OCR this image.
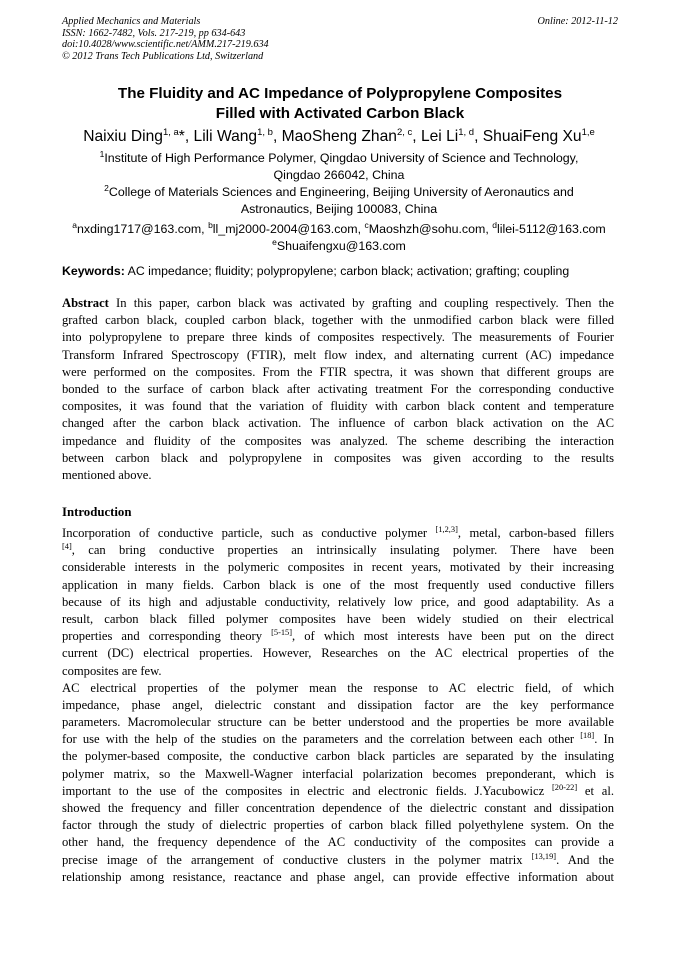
Applied Mechanics and Materials
ISSN: 1662-7482, Vols. 217-219, pp 634-643
doi:10.4028/www.scientific.net/AMM.217-219.634
© 2012 Trans Tech Publications Ltd, Switzerland
Online: 2012-11-12
The Fluidity and AC Impedance of Polypropylene Composites
Filled with Activated Carbon Black
Naixiu Ding$^{1, a}$*, Lili Wang$^{1, b}$, MaoSheng Zhan$^{2, c}$, Lei Li$^{1, d}$, ShuaiFeng Xu$^{1,e}$
$^1$Institute of High Performance Polymer, Qingdao University of Science and Technology,
Qingdao 266042, China
$^2$College of Materials Sciences and Engineering, Beijing University of Aeronautics and
Astronautics, Beijing 100083, China
$^a$nxding1717@163.com, $^b$ll_mj2000-2004@163.com, $^c$Maoshzh@sohu.com, $^d$lilei-5112@163.com
$^e$Shuaifengxu@163.com
Keywords: AC impedance; fluidity; polypropylene; carbon black; activation; grafting; coupling
Abstract In this paper, carbon black was activated by grafting and coupling respectively. Then the
grafted carbon black, coupled carbon black, together with the unmodified carbon black were filled
into polypropylene to prepare three kinds of composites respectively. The measurements of Fourier
Transform Infrared Spectroscopy (FTIR), melt flow index, and alternating current (AC) impedance
were performed on the composites. From the FTIR spectra, it was shown that different groups are
bonded to the surface of carbon black after activating treatment For the corresponding conductive
composites, it was found that the variation of fluidity with carbon black content and temperature
changed after the carbon black activation. The influence of carbon black activation on the AC
impedance and fluidity of the composites was analyzed. The scheme describing the interaction
between carbon black and polypropylene in composites was given according to the results
mentioned above.
Introduction
Incorporation of conductive particle, such as conductive polymer [1,2,3], metal, carbon-based fillers
[4], can bring conductive properties an intrinsically insulating polymer. There have been
considerable interests in the polymeric composites in recent years, motivated by their increasing
application in many fields. Carbon black is one of the most frequently used conductive fillers
because of its high and adjustable conductivity, relatively low price, and good adaptability. As a
result, carbon black filled polymer composites have been widely studied on their electrical
properties and corresponding theory [5-15], of which most interests have been put on the direct
current (DC) electrical properties. However, Researches on the AC electrical properties of the
composites are few.
AC electrical properties of the polymer mean the response to AC electric field, of which
impedance, phase angel, dielectric constant and dissipation factor are the key performance
parameters. Macromolecular structure can be better understood and the properties be more available
for use with the help of the studies on the parameters and the correlation between each other [18]. In
the polymer-based composite, the conductive carbon black particles are separated by the insulating
polymer matrix, so the Maxwell-Wagner interfacial polarization becomes preponderant, which is
important to the use of the composites in electric and electronic fields. J.Yacubowicz [20-22] et al.
showed the frequency and filler concentration dependence of the dielectric constant and dissipation
factor through the study of dielectric properties of carbon black filled polyethylene system. On the
other hand, the frequency dependence of the AC conductivity of the composites can provide a
precise image of the arrangement of conductive clusters in the polymer matrix [13,19]. And the
relationship among resistance, reactance and phase angel, can provide effective information about
